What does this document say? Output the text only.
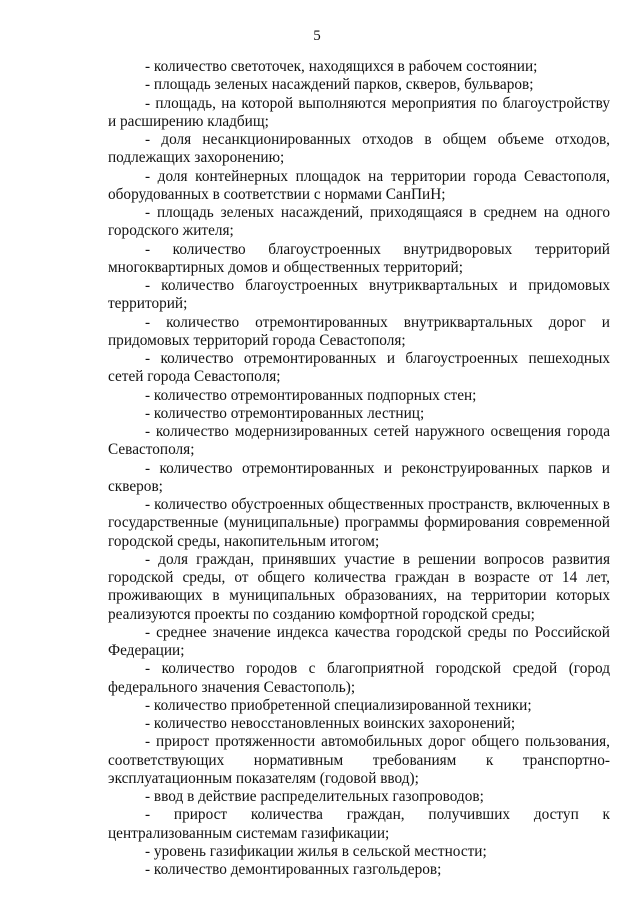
5

- количество светоточек, находящихся в рабочем состоянии;

- площадь зеленых насаждений парков, скверов, бульваров;

- площадь, на которой выполняются мероприятия по благоустройству и расширению кладбищ;

- доля несанкционированных отходов в общем объеме отходов, подлежащих захоронению;

- доля контейнерных площадок на территории города Севастополя, оборудованных в соответствии с нормами СанПиН;

- площадь зеленых насаждений, приходящаяся в среднем на одного городского жителя;

- количество благоустроенных внутридворовых территорий многоквартирных домов и общественных территорий;

- количество благоустроенных внутриквартальных и придомовых территорий;

- количество отремонтированных внутриквартальных дорог и придомовых территорий города Севастополя;

- количество отремонтированных и благоустроенных пешеходных сетей города Севастополя;

- количество отремонтированных подпорных стен;

- количество отремонтированных лестниц;

- количество модернизированных сетей наружного освещения города Севастополя;

- количество отремонтированных и реконструированных парков и скверов;

- количество обустроенных общественных пространств, включенных в государственные (муниципальные) программы формирования современной городской среды, накопительным итогом;

- доля граждан, принявших участие в решении вопросов развития городской среды, от общего количества граждан в возрасте от 14 лет, проживающих в муниципальных образованиях, на территории которых реализуются проекты по созданию комфортной городской среды;

- среднее значение индекса качества городской среды по Российской Федерации;

- количество городов с благоприятной городской средой (город федерального значения Севастополь);

- количество приобретенной специализированной техники;

- количество невосстановленных воинских захоронений;

- прирост протяженности автомобильных дорог общего пользования, соответствующих нормативным требованиям к транспортно-эксплуатационным показателям (годовой ввод);

- ввод в действие распределительных газопроводов;

- прирост количества граждан, получивших доступ к централизованным системам газификации;

- уровень газификации жилья в сельской местности;

- количество демонтированных газгольдеров;
